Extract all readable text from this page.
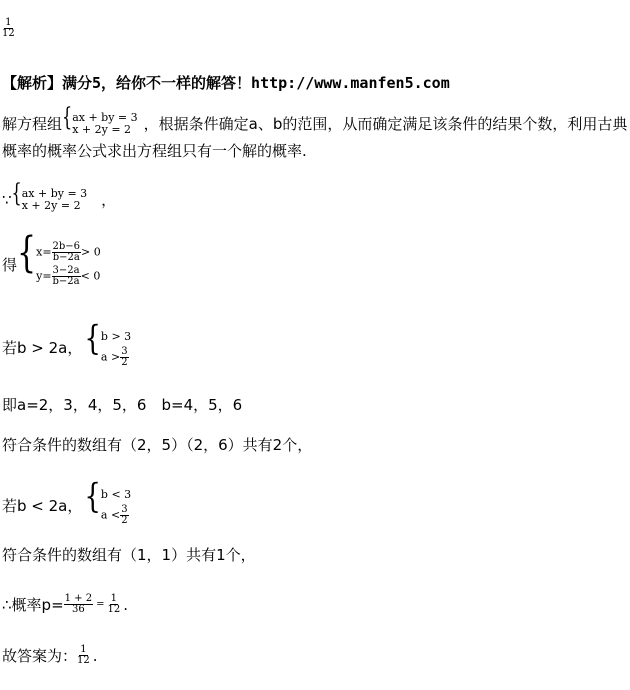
$\frac{1}{12}$
【解析】满分5，给你不一样的解答！http://www.manfen5.com
解方程组 { ax + by = 3
x + 2y = 2 ，根据条件确定a、b的范围，从而确定满足该条件的结果个数，利用古典
概率的概率公式求出方程组只有一个解的概率.
∵ { ax + by = 3
x + 2y = 2	，
得 { $x= \frac{2b-6}{b-2a} > 0$
$y= \frac{3-2a}{b-2a} < 0$
若b > 2a， { b > 3
$a > \frac{3}{2}$
即a=2，3，4，5，6　b=4，5，6
符合条件的数组有（2，5）（2，6）共有2个，
若b < 2a， { b < 3
$a < \frac{3}{2}$
符合条件的数组有（1，1）共有1个，
∴概率$p= \frac{1 + 2}{36} = \frac{1}{12}$ .
故答案为： $\frac{1}{12}$ .
